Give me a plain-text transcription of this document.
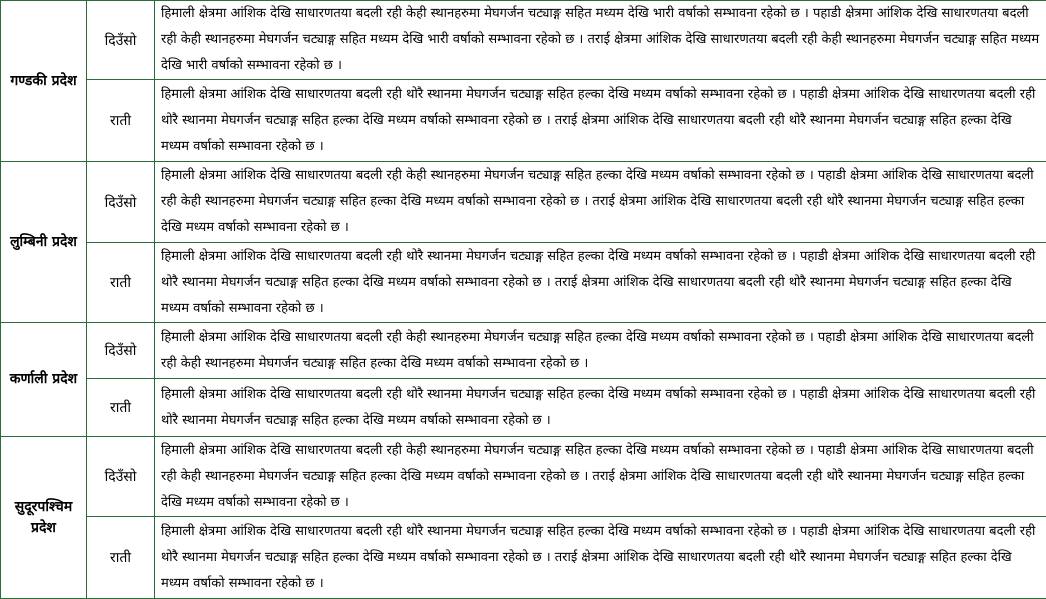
गण्डकी प्रदेश	दिउँसो	हिमाली क्षेत्रमा आंशिक देखि साधारणतया बदली रही केही स्थानहरुमा मेघगर्जन चट्याङ्ग सहित मध्यम देखि भारी वर्षाको सम्भावना रहेको छ । पहाडी क्षेत्रमा आंशिक देखि साधारणतया बदली रही केही स्थानहरुमा मेघगर्जन चट्याङ्ग सहित मध्यम देखि भारी वर्षाको सम्भावना रहेको छ । तराई क्षेत्रमा आंशिक देखि साधारणतया बदली रही केही स्थानहरुमा मेघगर्जन चट्याङ्ग सहित मध्यम देखि भारी वर्षाको सम्भावना रहेको छ ।
	राती	हिमाली क्षेत्रमा आंशिक देखि साधारणतया बदली रही थोरै स्थानमा मेघगर्जन चट्याङ्ग सहित हल्का देखि मध्यम वर्षाको सम्भावना रहेको छ । पहाडी क्षेत्रमा आंशिक देखि साधारणतया बदली रही थोरै स्थानमा मेघगर्जन चट्याङ्ग सहित हल्का देखि मध्यम वर्षाको सम्भावना रहेको छ । तराई क्षेत्रमा आंशिक देखि साधारणतया बदली रही थोरै स्थानमा मेघगर्जन चट्याङ्ग सहित हल्का देखि मध्यम वर्षाको सम्भावना रहेको छ ।

लुम्बिनी प्रदेश	दिउँसो	हिमाली क्षेत्रमा आंशिक देखि साधारणतया बदली रही केही स्थानहरुमा मेघगर्जन चट्याङ्ग सहित हल्का देखि मध्यम वर्षाको सम्भावना रहेको छ । पहाडी क्षेत्रमा आंशिक देखि साधारणतया बदली रही केही स्थानहरुमा मेघगर्जन चट्याङ्ग सहित हल्का देखि मध्यम वर्षाको सम्भावना रहेको छ । तराई क्षेत्रमा आंशिक देखि साधारणतया बदली रही थोरै स्थानमा मेघगर्जन चट्याङ्ग सहित हल्का देखि मध्यम वर्षाको सम्भावना रहेको छ ।
	राती	हिमाली क्षेत्रमा आंशिक देखि साधारणतया बदली रही थोरै स्थानमा मेघगर्जन चट्याङ्ग सहित हल्का देखि मध्यम वर्षाको सम्भावना रहेको छ । पहाडी क्षेत्रमा आंशिक देखि साधारणतया बदली रही थोरै स्थानमा मेघगर्जन चट्याङ्ग सहित हल्का देखि मध्यम वर्षाको सम्भावना रहेको छ । तराई क्षेत्रमा आंशिक देखि साधारणतया बदली रही थोरै स्थानमा मेघगर्जन चट्याङ्ग सहित हल्का देखि मध्यम वर्षाको सम्भावना रहेको छ ।

कर्णाली प्रदेश	दिउँसो	हिमाली क्षेत्रमा आंशिक देखि साधारणतया बदली रही केही स्थानहरुमा मेघगर्जन चट्याङ्ग सहित हल्का देखि मध्यम वर्षाको सम्भावना रहेको छ । पहाडी क्षेत्रमा आंशिक देखि साधारणतया बदली रही केही स्थानहरुमा मेघगर्जन चट्याङ्ग सहित हल्का देखि मध्यम वर्षाको सम्भावना रहेको छ ।
	राती	हिमाली क्षेत्रमा आंशिक देखि साधारणतया बदली रही थोरै स्थानमा मेघगर्जन चट्याङ्ग सहित हल्का देखि मध्यम वर्षाको सम्भावना रहेको छ । पहाडी क्षेत्रमा आंशिक देखि साधारणतया बदली रही थोरै स्थानमा मेघगर्जन चट्याङ्ग सहित हल्का देखि मध्यम वर्षाको सम्भावना रहेको छ ।

सुदूरपश्चिम प्रदेश	दिउँसो	हिमाली क्षेत्रमा आंशिक देखि साधारणतया बदली रही केही स्थानहरुमा मेघगर्जन चट्याङ्ग सहित हल्का देखि मध्यम वर्षाको सम्भावना रहेको छ । पहाडी क्षेत्रमा आंशिक देखि साधारणतया बदली रही केही स्थानहरुमा मेघगर्जन चट्याङ्ग सहित हल्का देखि मध्यम वर्षाको सम्भावना रहेको छ । तराई क्षेत्रमा आंशिक देखि साधारणतया बदली रही थोरै स्थानमा मेघगर्जन चट्याङ्ग सहित हल्का देखि मध्यम वर्षाको सम्भावना रहेको छ ।
	राती	हिमाली क्षेत्रमा आंशिक देखि साधारणतया बदली रही थोरै स्थानमा मेघगर्जन चट्याङ्ग सहित हल्का देखि मध्यम वर्षाको सम्भावना रहेको छ । पहाडी क्षेत्रमा आंशिक देखि साधारणतया बदली रही थोरै स्थानमा मेघगर्जन चट्याङ्ग सहित हल्का देखि मध्यम वर्षाको सम्भावना रहेको छ । तराई क्षेत्रमा आंशिक देखि साधारणतया बदली रही थोरै स्थानमा मेघगर्जन चट्याङ्ग सहित हल्का देखि मध्यम वर्षाको सम्भावना रहेको छ ।
